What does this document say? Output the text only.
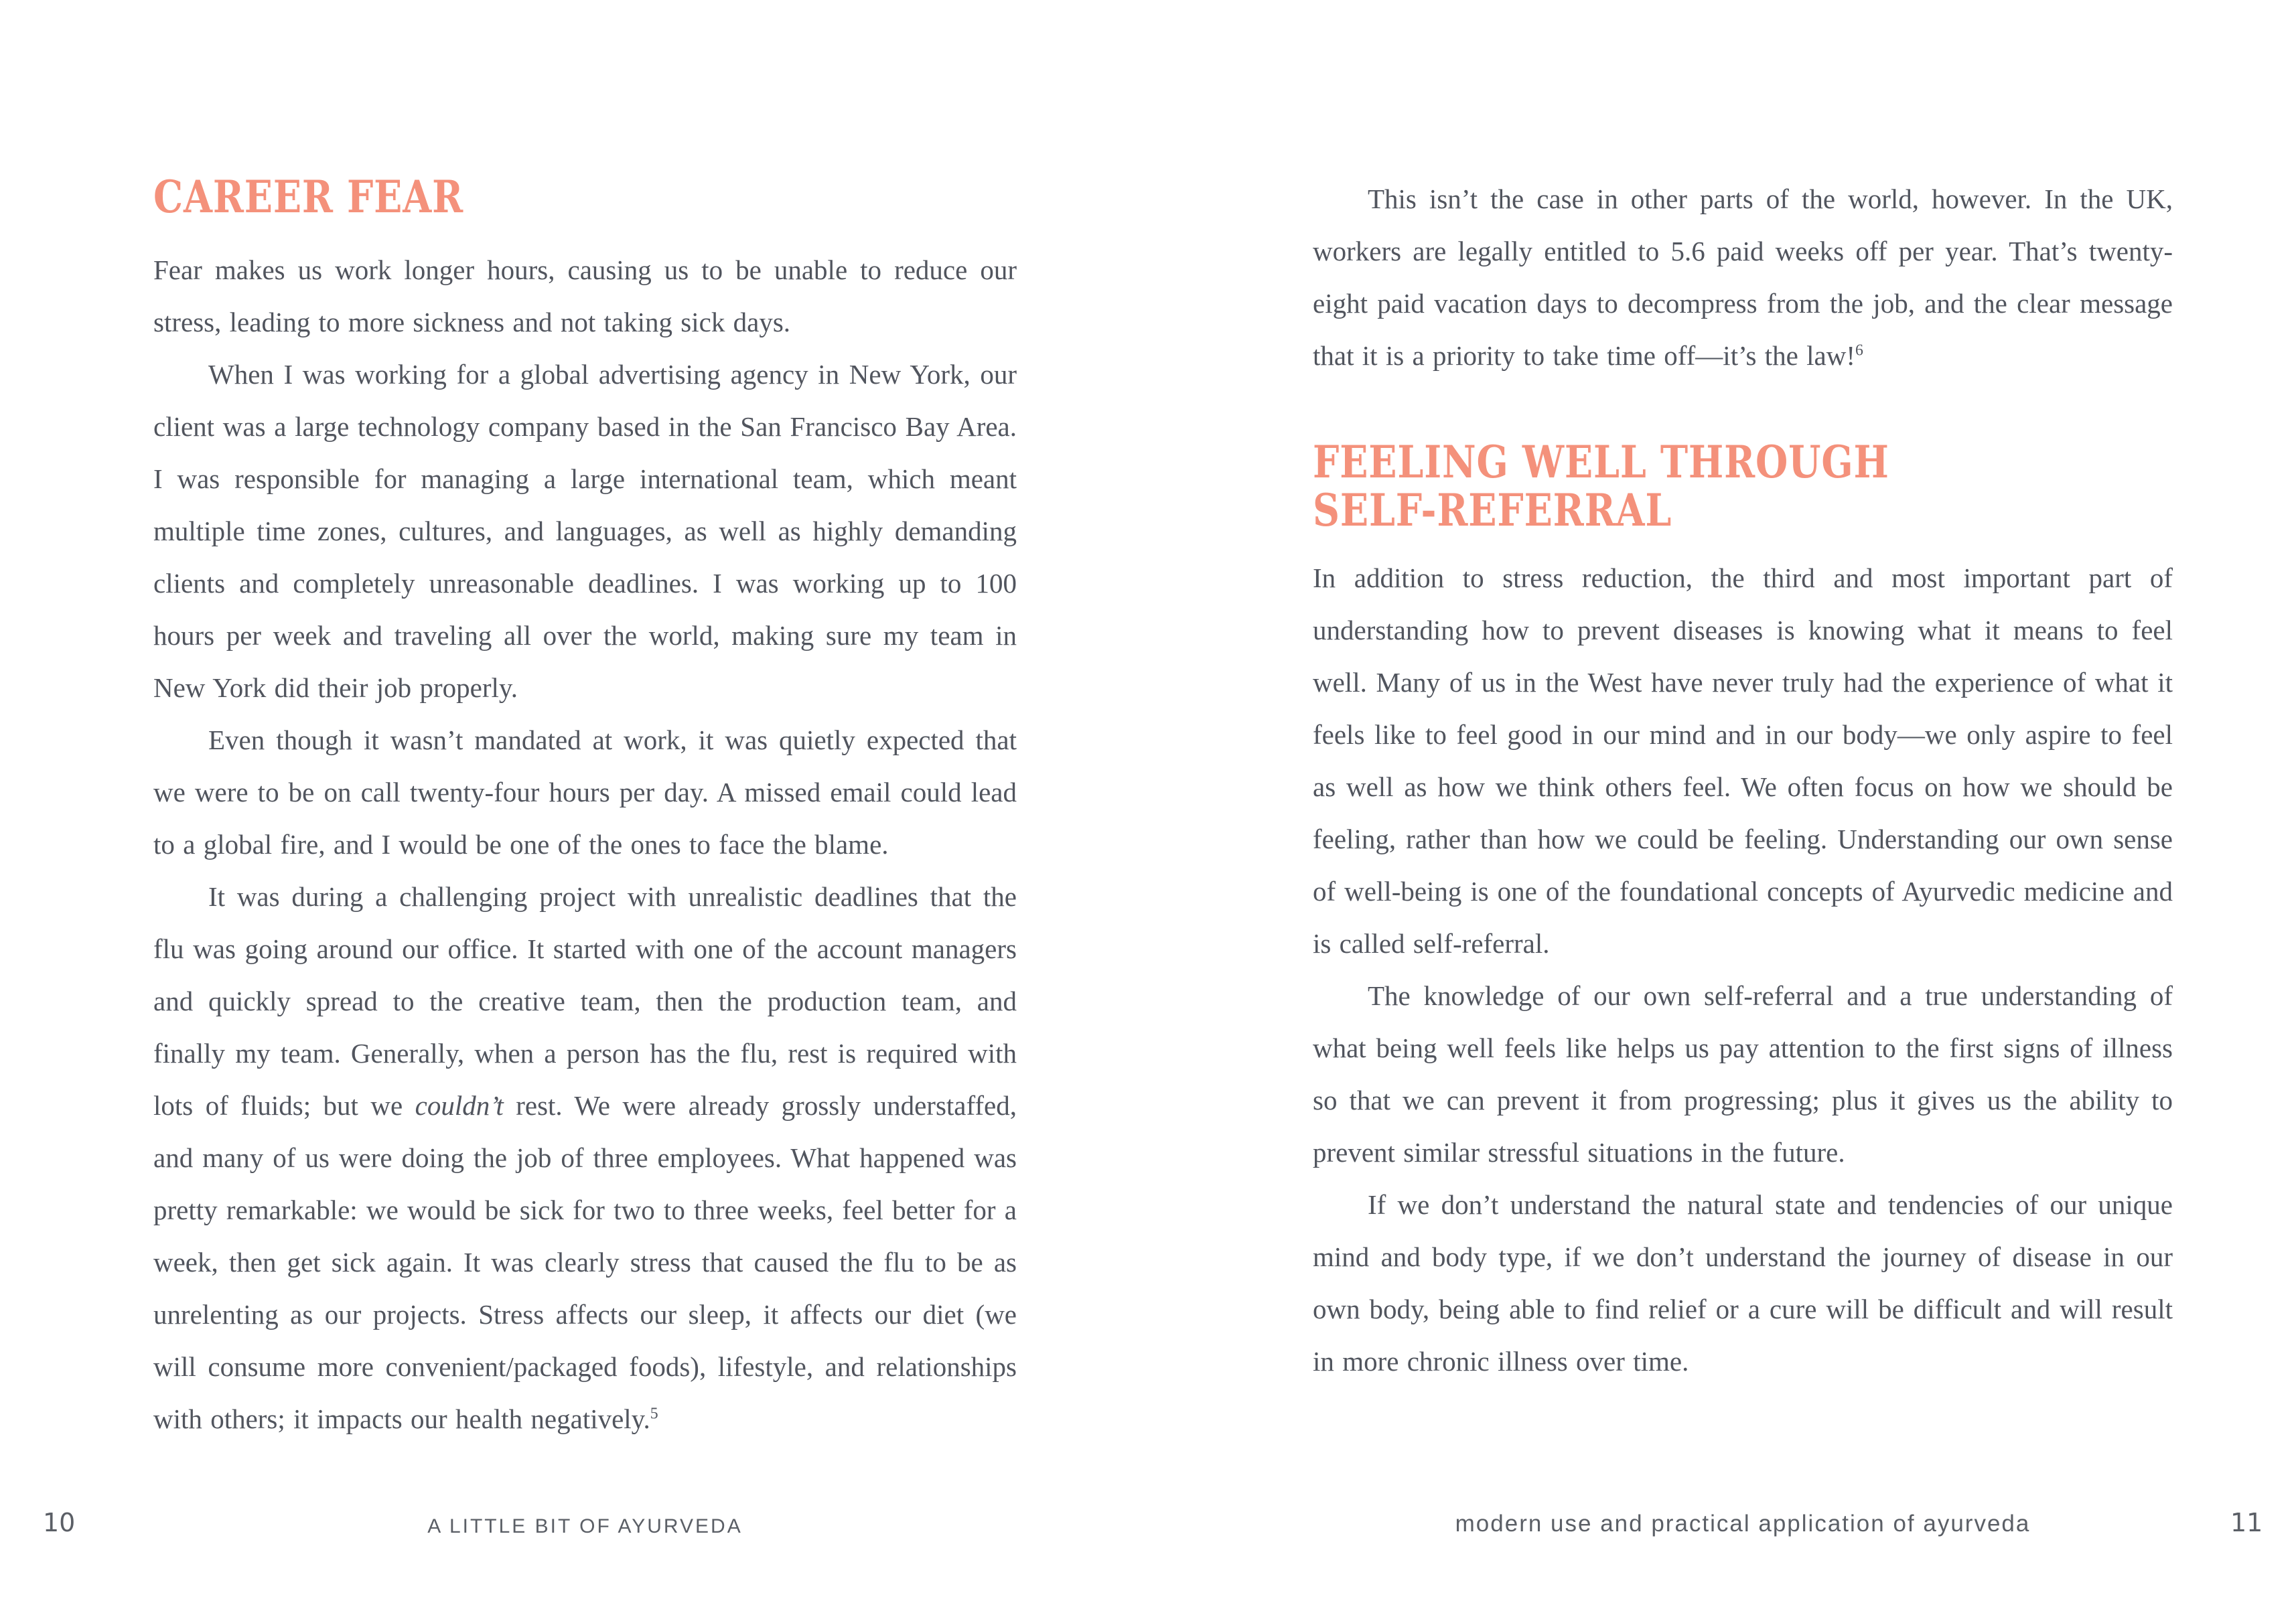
CAREER FEAR

Fear makes us work longer hours, causing us to be unable to reduce our stress, leading to more sickness and not taking sick days.

When I was working for a global advertising agency in New York, our client was a large technology company based in the San Francisco Bay Area. I was responsible for managing a large international team, which meant multiple time zones, cultures, and languages, as well as highly demanding clients and completely unreasonable deadlines. I was working up to 100 hours per week and traveling all over the world, making sure my team in New York did their job properly.

Even though it wasn’t mandated at work, it was quietly expected that we were to be on call twenty-four hours per day. A missed email could lead to a global fire, and I would be one of the ones to face the blame.

It was during a challenging project with unrealistic deadlines that the flu was going around our office. It started with one of the account managers and quickly spread to the creative team, then the production team, and finally my team. Generally, when a person has the flu, rest is required with lots of fluids; but we couldn’t rest. We were already grossly understaffed, and many of us were doing the job of three employees. What happened was pretty remarkable: we would be sick for two to three weeks, feel better for a week, then get sick again. It was clearly stress that caused the flu to be as unrelenting as our projects. Stress affects our sleep, it affects our diet (we will consume more convenient/packaged foods), lifestyle, and relationships with others; it impacts our health negatively.$^5$

This isn’t the case in other parts of the world, however. In the UK, workers are legally entitled to 5.6 paid weeks off per year. That’s twenty-eight paid vacation days to decompress from the job, and the clear message that it is a priority to take time off—it’s the law!$^6$

FEELING WELL THROUGH
SELF-REFERRAL

In addition to stress reduction, the third and most important part of understanding how to prevent diseases is knowing what it means to feel well. Many of us in the West have never truly had the experience of what it feels like to feel good in our mind and in our body—we only aspire to feel as well as how we think others feel. We often focus on how we should be feeling, rather than how we could be feeling. Understanding our own sense of well-being is one of the foundational concepts of Ayurvedic medicine and is called self-referral.

The knowledge of our own self-referral and a true understanding of what being well feels like helps us pay attention to the first signs of illness so that we can prevent it from progressing; plus it gives us the ability to prevent similar stressful situations in the future.

If we don’t understand the natural state and tendencies of our unique mind and body type, if we don’t understand the journey of disease in our own body, being able to find relief or a cure will be difficult and will result in more chronic illness over time.

10	A LITTLE BIT OF AYURVEDA	modern use and practical application of ayurveda	11
